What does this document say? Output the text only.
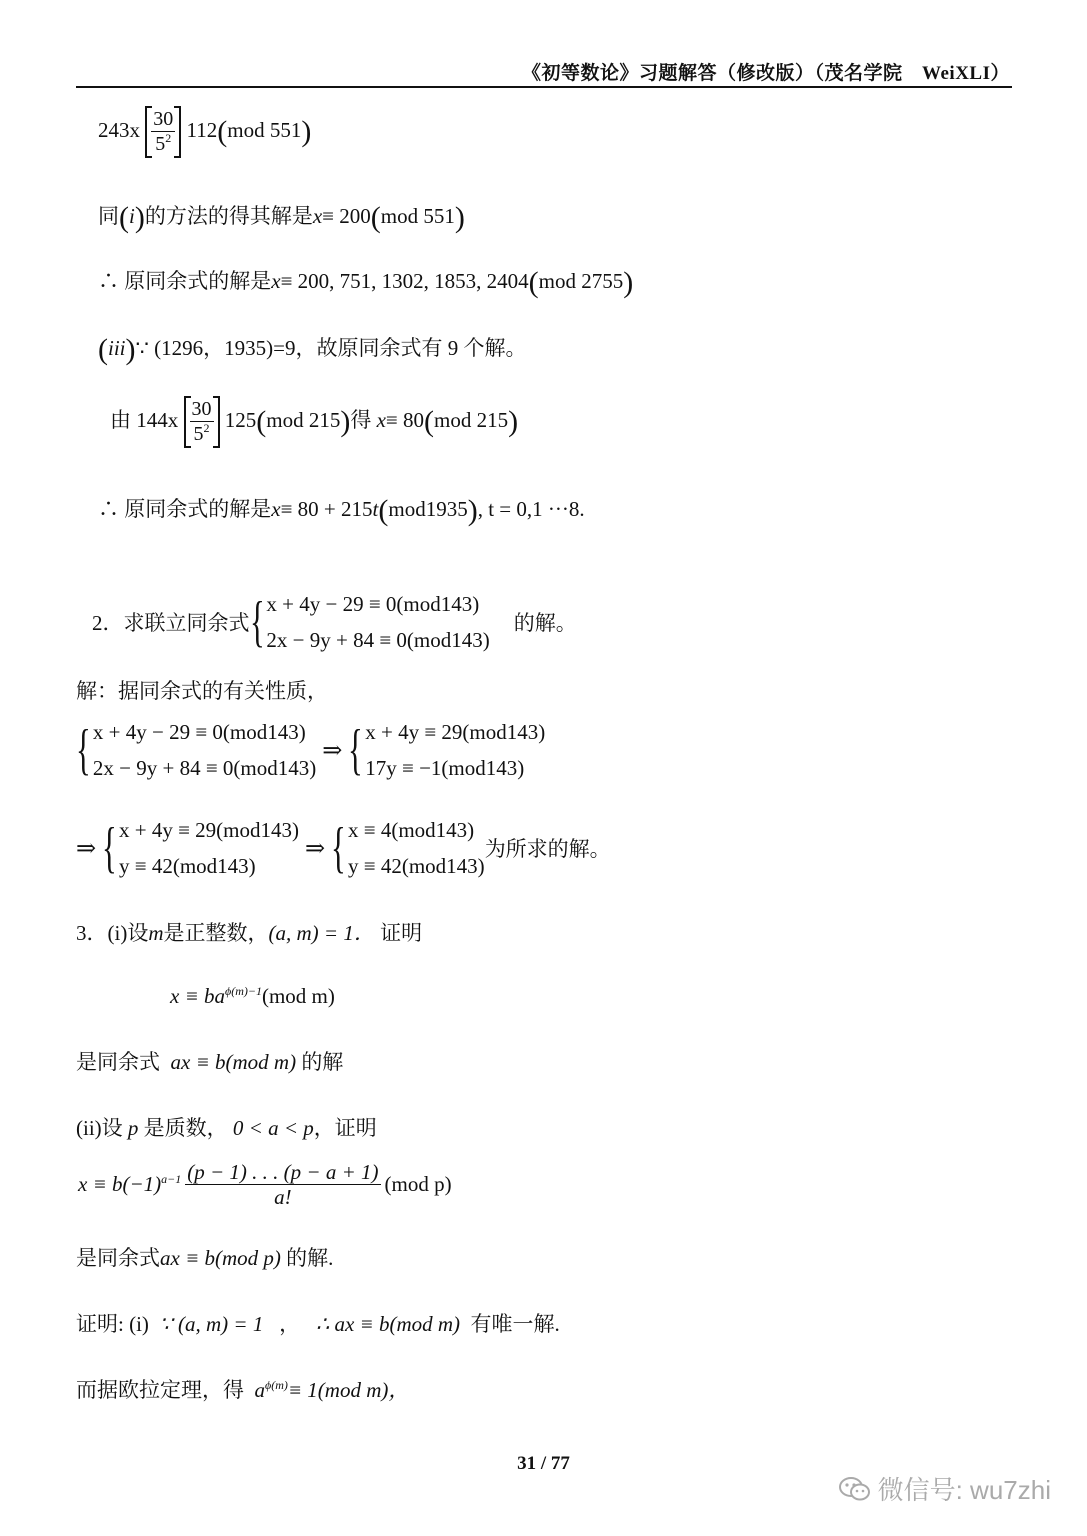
《初等数论》习题解答（修改版）（茂名学院　WeiXLI）
$243x \frac{30}{5^2} 112(mod$ 551)
同(i)的方法的得其解是x≡ 200(mod 551)
∴ 原同余式的解是x≡ 200, 751, 1302, 1853, 2404(mod 2755)
(iii)∵ (1296，1935)=9，故原同余式有 9 个解。
由 $144x \frac{30}{5^2} 125(mod$ 215)得 x≡ 80(mod 215)
∴ 原同余式的解是x≡ 80 + 215t(mod1935), t = 0,1 ···8.
2．求联立同余式 { x + 4y − 29 ≡ 0(mod143)
2x − 9y + 84 ≡ 0(mod143)
的解。
解：据同余式的有关性质，
{ x + 4y − 29 ≡ 0(mod143)
2x − 9y + 84 ≡ 0(mod143)
⇒ { x + 4y ≡ 29(mod143)
17y ≡ −1(mod143)
⇒ { x + 4y ≡ 29(mod143)
y ≡ 42(mod143)
⇒ { x ≡ 4(mod143)
y ≡ 42(mod143)
为所求的解。
3．(i)设m是正整数，(a, m) = 1． 证明
$x \equiv ba^{\phi(m)-1}(mod$ m)
是同余式 ax ≡ b(mod m) 的解
(ii)设 p 是质数， 0 < a < p，证明
x ≡ b(−1) $^{a-1} \frac{(p - 1) . . . (p - a + 1)}{a!} (mod$ p)
是同余式ax ≡ b(mod p) 的解.
证明: (i) ∵ (a, m) = 1 ， ∴ ax ≡ b(mod m) 有唯一解.
而据欧拉定理，得 $a^{\phi(m)}\equiv 1(mod$ m)，
31 / 77
微信号: wu7zhi
